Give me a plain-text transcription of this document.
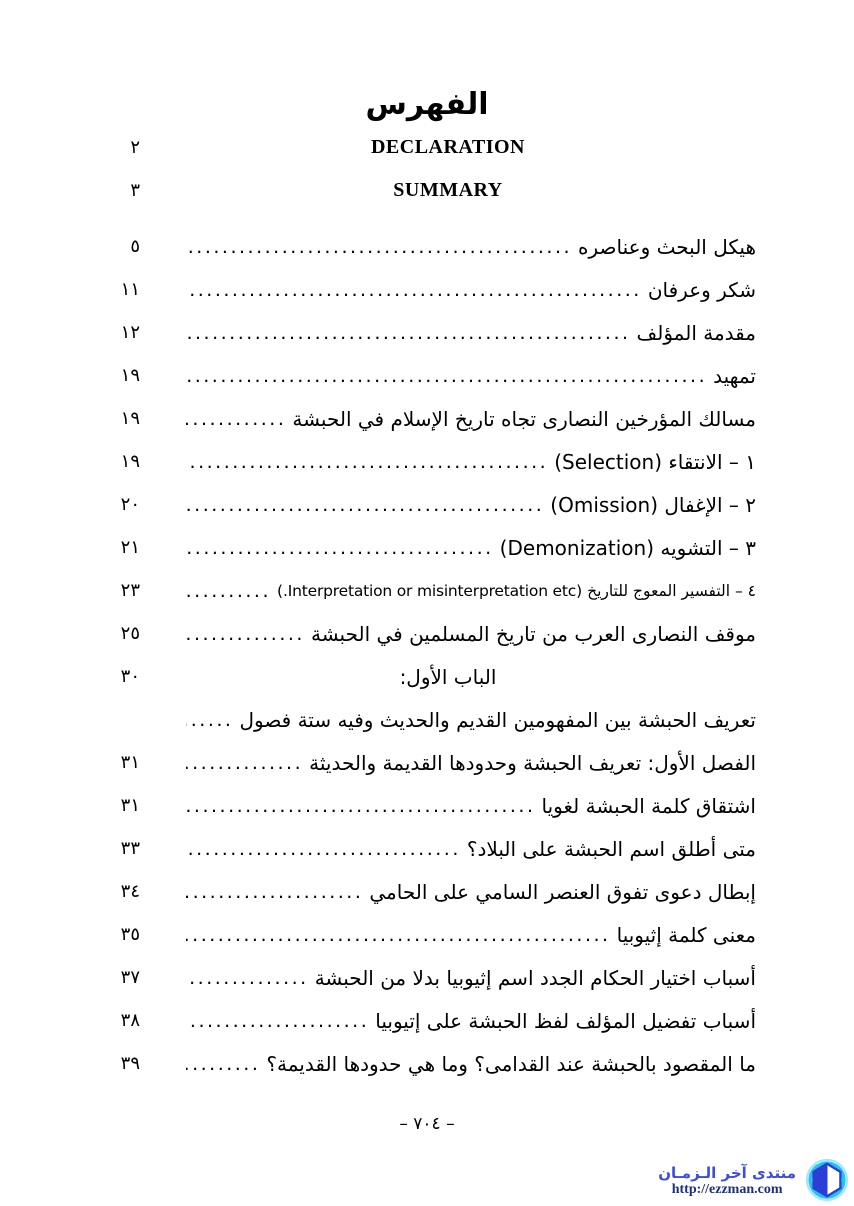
الفهرس
DECLARATION
٢
SUMMARY
٣
هيكل البحث وعناصره
.....
٥
شكر وعرفان
.....
١١
مقدمة المؤلف
.....
١٢
تمهيد
.....
١٩
مسالك المؤرخين النصارى تجاه تاريخ الإسلام في الحبشة
.....
١٩
١ – الانتقاء (Selection)
.....
١٩
٢ – الإغفال (Omission)
.....
٢٠
٣ – التشويه (Demonization)
.....
٢١
٤ – التفسير المعوج للتاريخ (Interpretation or misinterpretation etc.)
.....
٢٣
موقف النصارى العرب من تاريخ المسلمين في الحبشة
.....
٢٥
الباب الأول:
٣٠
تعريف الحبشة بين المفهومين القديم والحديث وفيه ستة فصول
.....
الفصل الأول: تعريف الحبشة وحدودها القديمة والحديثة
.....
٣١
اشتقاق كلمة الحبشة لغويا
.....
٣١
متى أطلق اسم الحبشة على البلاد؟
.....
٣٣
إبطال دعوى تفوق العنصر السامي على الحامي
.....
٣٤
معنى كلمة إثيوبيا
.....
٣٥
أسباب اختيار الحكام الجدد اسم إثيوبيا بدلا من الحبشة
.....
٣٧
أسباب تفضيل المؤلف لفظ الحبشة على إتيوبيا
.....
٣٨
ما المقصود بالحبشة عند القدامى؟ وما هي حدودها القديمة؟
.....
٣٩
– ٧٠٤ –
منتدى آخر الـزمـان
http://ezzman.com
